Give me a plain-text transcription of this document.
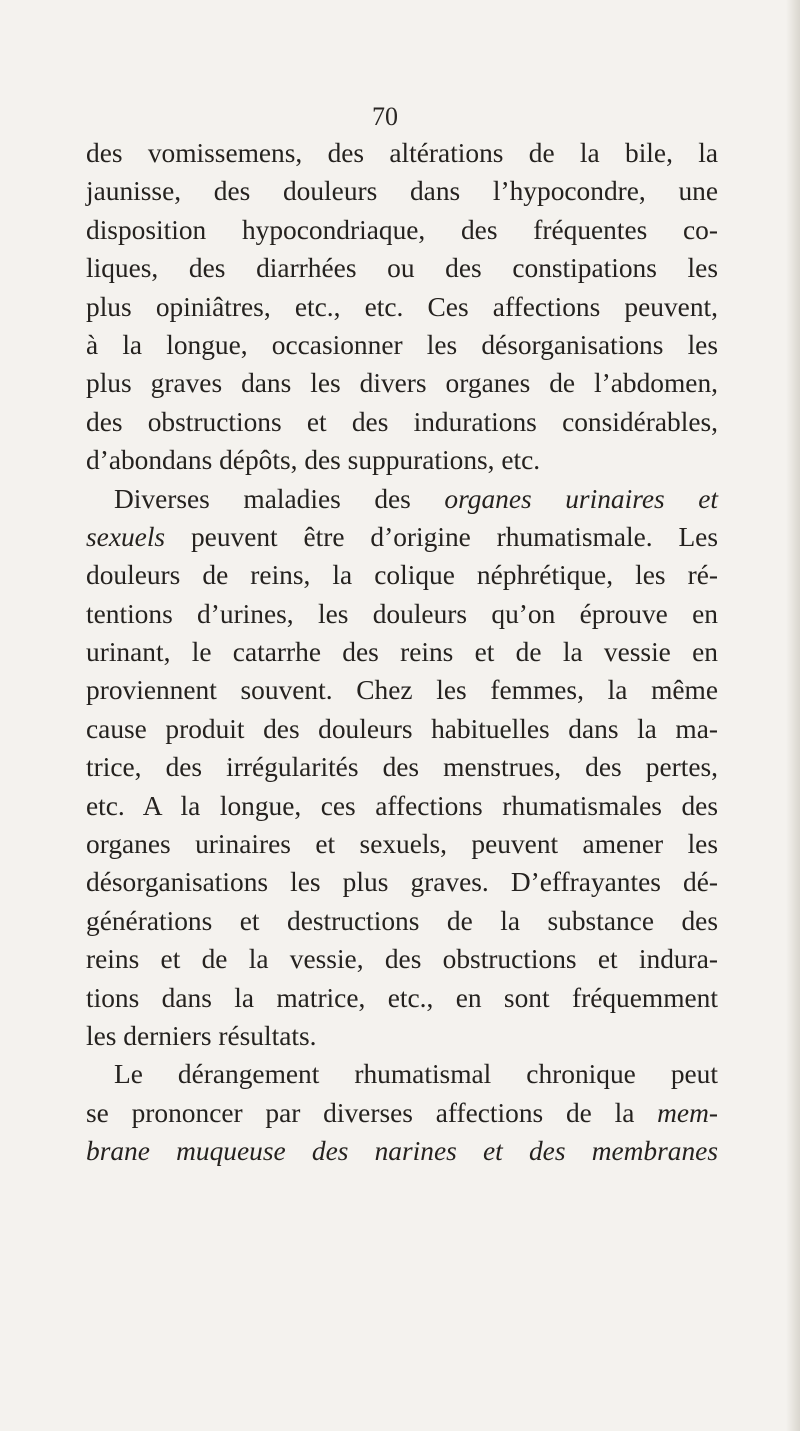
70
des vomissemens, des altérations de la bile, la
jaunisse, des douleurs dans l’hypocondre, une
disposition hypocondriaque, des fréquentes co-
liques, des diarrhées ou des constipations les
plus opiniâtres, etc., etc. Ces affections peuvent,
à la longue, occasionner les désorganisations les
plus graves dans les divers organes de l’abdomen,
des obstructions et des indurations considérables,
d’abondans dépôts, des suppurations, etc.
Diverses maladies des organes urinaires et
sexuels peuvent être d’origine rhumatismale. Les
douleurs de reins, la colique néphrétique, les ré-
tentions d’urines, les douleurs qu’on éprouve en
urinant, le catarrhe des reins et de la vessie en
proviennent souvent. Chez les femmes, la même
cause produit des douleurs habituelles dans la ma-
trice, des irrégularités des menstrues, des pertes,
etc. A la longue, ces affections rhumatismales des
organes urinaires et sexuels, peuvent amener les
désorganisations les plus graves. D’effrayantes dé-
générations et destructions de la substance des
reins et de la vessie, des obstructions et indura-
tions dans la matrice, etc., en sont fréquemment
les derniers résultats.
Le dérangement rhumatismal chronique peut
se prononcer par diverses affections de la mem-
brane muqueuse des narines et des membranes
